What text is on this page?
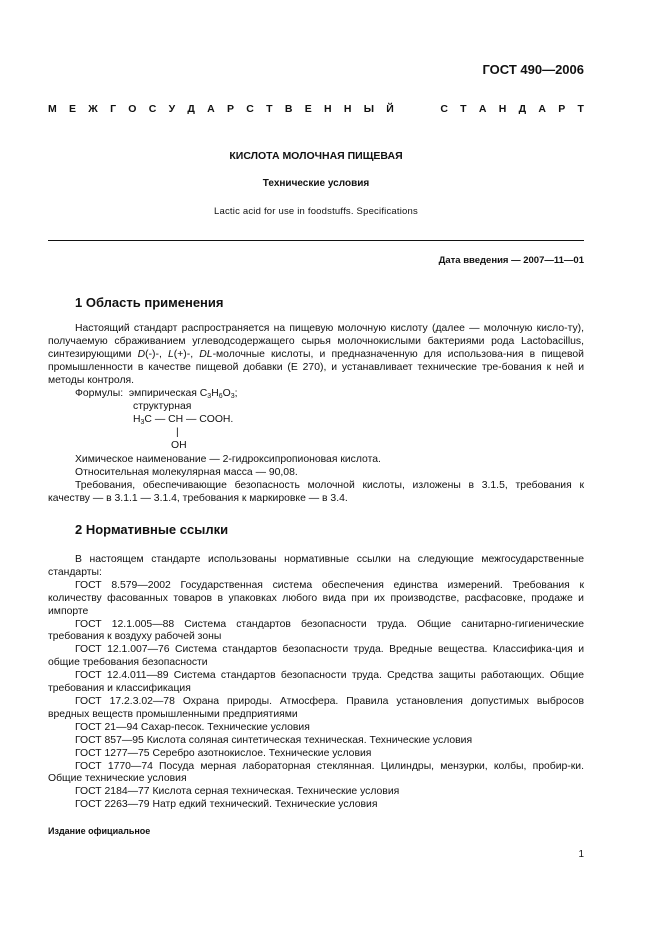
ГОСТ 490—2006
М Е Ж Г О С У Д А Р С Т В Е Н Н Ы Й	С Т А Н Д А Р Т
КИСЛОТА МОЛОЧНАЯ ПИЩЕВАЯ
Технические условия
Lactic acid for use in foodstuffs. Specifications
Дата введения — 2007—11—01
1 Область применения

Настоящий стандарт распространяется на пищевую молочную кислоту (далее — молочную кисло-ту), получаемую сбраживанием углеводсодержащего сырья молочнокислыми бактериями рода Lactobacillus, синтезирующими D(-)-, L(+)-, DL-молочные кислоты, и предназначенную для использова-ния в пищевой промышленности в качестве пищевой добавки (Е 270), и устанавливает технические тре-бования к ней и методы контроля.

Формулы:  эмпирическая $C_3H_6O_3$;
структурная
$H_3C$ — CH — COOH.
|
OH

Химическое наименование — 2-гидроксипропионовая кислота.

Относительная молекулярная масса — 90,08.

Требования, обеспечивающие безопасность молочной кислоты, изложены в 3.1.5, требования к качеству — в 3.1.1 — 3.1.4, требования к маркировке — в 3.4.

2 Нормативные ссылки

В настоящем стандарте использованы нормативные ссылки на следующие межгосударственные стандарты:

ГОСТ 8.579—2002 Государственная система обеспечения единства измерений. Требования к количеству фасованных товаров в упаковках любого вида при их производстве, расфасовке, продаже и импорте

ГОСТ 12.1.005—88 Система стандартов безопасности труда. Общие санитарно-гигиенические требования к воздуху рабочей зоны

ГОСТ 12.1.007—76 Система стандартов безопасности труда. Вредные вещества. Классифика-ция и общие требования безопасности

ГОСТ 12.4.011—89 Система стандартов безопасности труда. Средства защиты работающих. Общие требования и классификация

ГОСТ 17.2.3.02—78 Охрана природы. Атмосфера. Правила установления допустимых выбросов вредных веществ промышленными предприятиями

ГОСТ 21—94 Сахар-песок. Технические условия

ГОСТ 857—95 Кислота соляная синтетическая техническая. Технические условия

ГОСТ 1277—75 Серебро азотнокислое. Технические условия

ГОСТ 1770—74 Посуда мерная лабораторная стеклянная. Цилиндры, мензурки, колбы, пробир-ки. Общие технические условия

ГОСТ 2184—77 Кислота серная техническая. Технические условия

ГОСТ 2263—79 Натр едкий технический. Технические условия

Издание официальное
1
